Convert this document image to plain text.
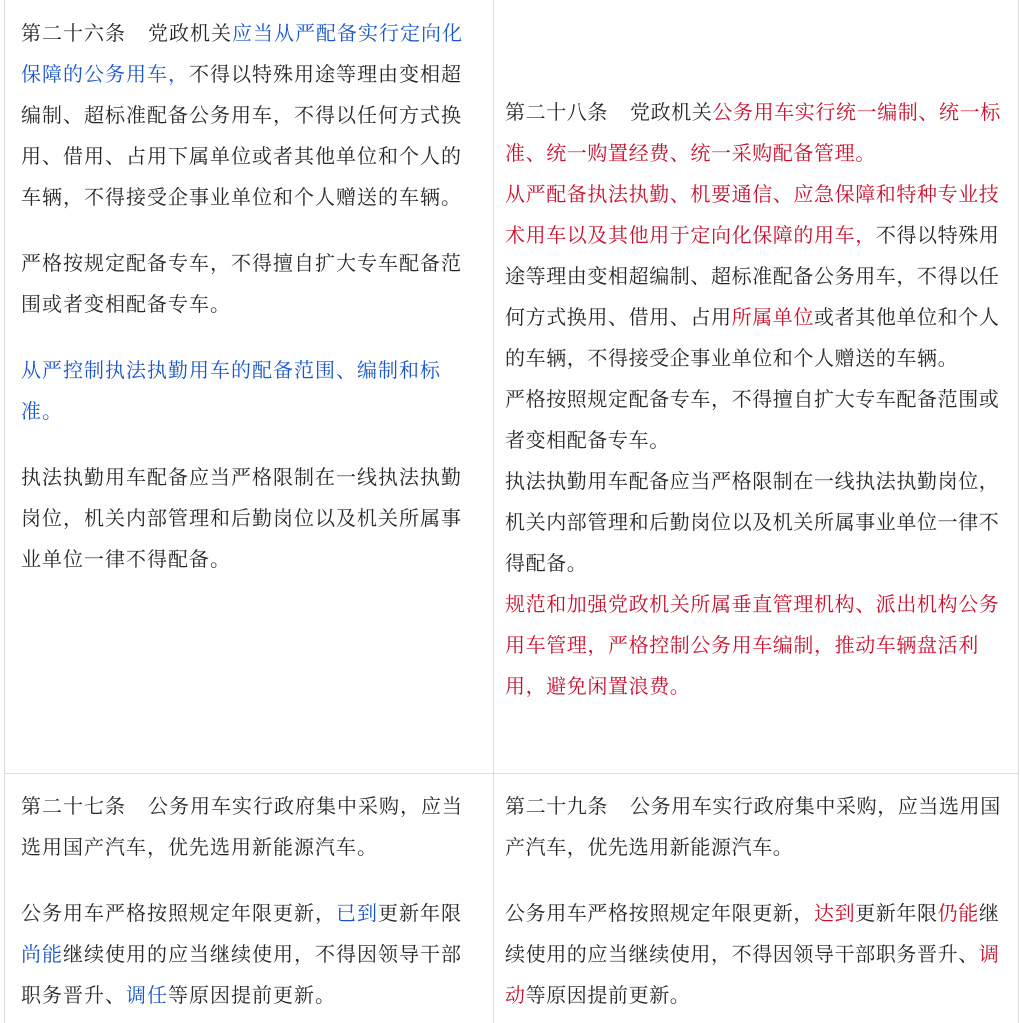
第二十六条 党政机关应当从严配备实行定向化保障的公务用车，不得以特殊用途等理由变相超编制、超标准配备公务用车，不得以任何方式换用、借用、占用下属单位或者其他单位和个人的车辆，不得接受企事业单位和个人赠送的车辆。

严格按规定配备专车，不得擅自扩大专车配备范围或者变相配备专车。

从严控制执法执勤用车的配备范围、编制和标准。

执法执勤用车配备应当严格限制在一线执法执勤岗位，机关内部管理和后勤岗位以及机关所属事业单位一律不得配备。

第二十八条 党政机关公务用车实行统一编制、统一标准、统一购置经费、统一采购配备管理。

从严配备执法执勤、机要通信、应急保障和特种专业技术用车以及其他用于定向化保障的用车，不得以特殊用途等理由变相超编制、超标准配备公务用车，不得以任何方式换用、借用、占用所属单位或者其他单位和个人的车辆，不得接受企事业单位和个人赠送的车辆。

严格按照规定配备专车，不得擅自扩大专车配备范围或者变相配备专车。

执法执勤用车配备应当严格限制在一线执法执勤岗位，机关内部管理和后勤岗位以及机关所属事业单位一律不得配备。

规范和加强党政机关所属垂直管理机构、派出机构公务用车管理，严格控制公务用车编制，推动车辆盘活利用，避免闲置浪费。

第二十七条 公务用车实行政府集中采购，应当选用国产汽车，优先选用新能源汽车。

公务用车严格按照规定年限更新，已到更新年限尚能继续使用的应当继续使用，不得因领导干部职务晋升、调任等原因提前更新。

第二十九条 公务用车实行政府集中采购，应当选用国产汽车，优先选用新能源汽车。

公务用车严格按照规定年限更新，达到更新年限仍能继续使用的应当继续使用，不得因领导干部职务晋升、调动等原因提前更新。
